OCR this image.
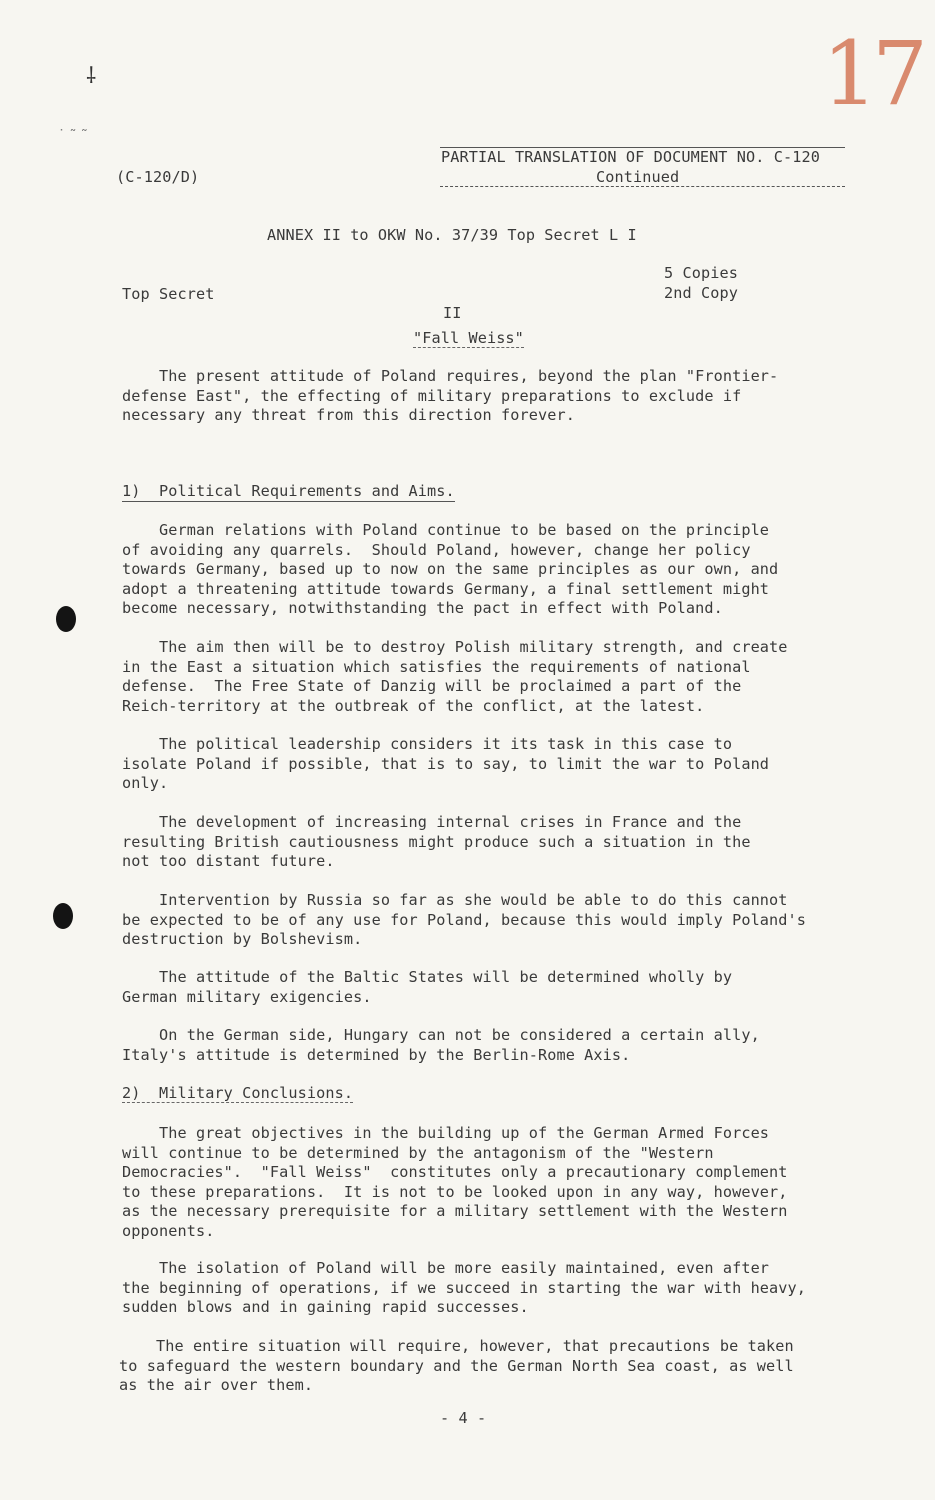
⸸
˙ ˜ ˜
17
(C-120/D)
PARTIAL TRANSLATION OF DOCUMENT NO. C-120
Continued
ANNEX II to OKW No. 37/39 Top Secret L I
Top Secret
5 Copies
2nd Copy
II
"Fall Weiss"

The present attitude of Poland requires, beyond the plan "Frontier-

defense East", the effecting of military preparations to exclude if

necessary any threat from this direction forever.

1)  Political Requirements and Aims.

German relations with Poland continue to be based on the principle

of avoiding any quarrels.  Should Poland, however, change her policy

towards Germany, based up to now on the same principles as our own, and

adopt a threatening attitude towards Germany, a final settlement might

become necessary, notwithstanding the pact in effect with Poland.

The aim then will be to destroy Polish military strength, and create

in the East a situation which satisfies the requirements of national

defense.  The Free State of Danzig will be proclaimed a part of the

Reich-territory at the outbreak of the conflict, at the latest.

The political leadership considers it its task in this case to

isolate Poland if possible, that is to say, to limit the war to Poland

only.

The development of increasing internal crises in France and the

resulting British cautiousness might produce such a situation in the

not too distant future.

Intervention by Russia so far as she would be able to do this cannot

be expected to be of any use for Poland, because this would imply Poland's

destruction by Bolshevism.

The attitude of the Baltic States will be determined wholly by

German military exigencies.

On the German side, Hungary can not be considered a certain ally,

Italy's attitude is determined by the Berlin-Rome Axis.

2)  Military Conclusions.

The great objectives in the building up of the German Armed Forces

will continue to be determined by the antagonism of the "Western

Democracies".  "Fall Weiss"  constitutes only a precautionary complement

to these preparations.  It is not to be looked upon in any way, however,

as the necessary prerequisite for a military settlement with the Western

opponents.

The isolation of Poland will be more easily maintained, even after

the beginning of operations, if we succeed in starting the war with heavy,

sudden blows and in gaining rapid successes.

The entire situation will require, however, that precautions be taken

to safeguard the western boundary and the German North Sea coast, as well

as the air over them.

- 4 -
